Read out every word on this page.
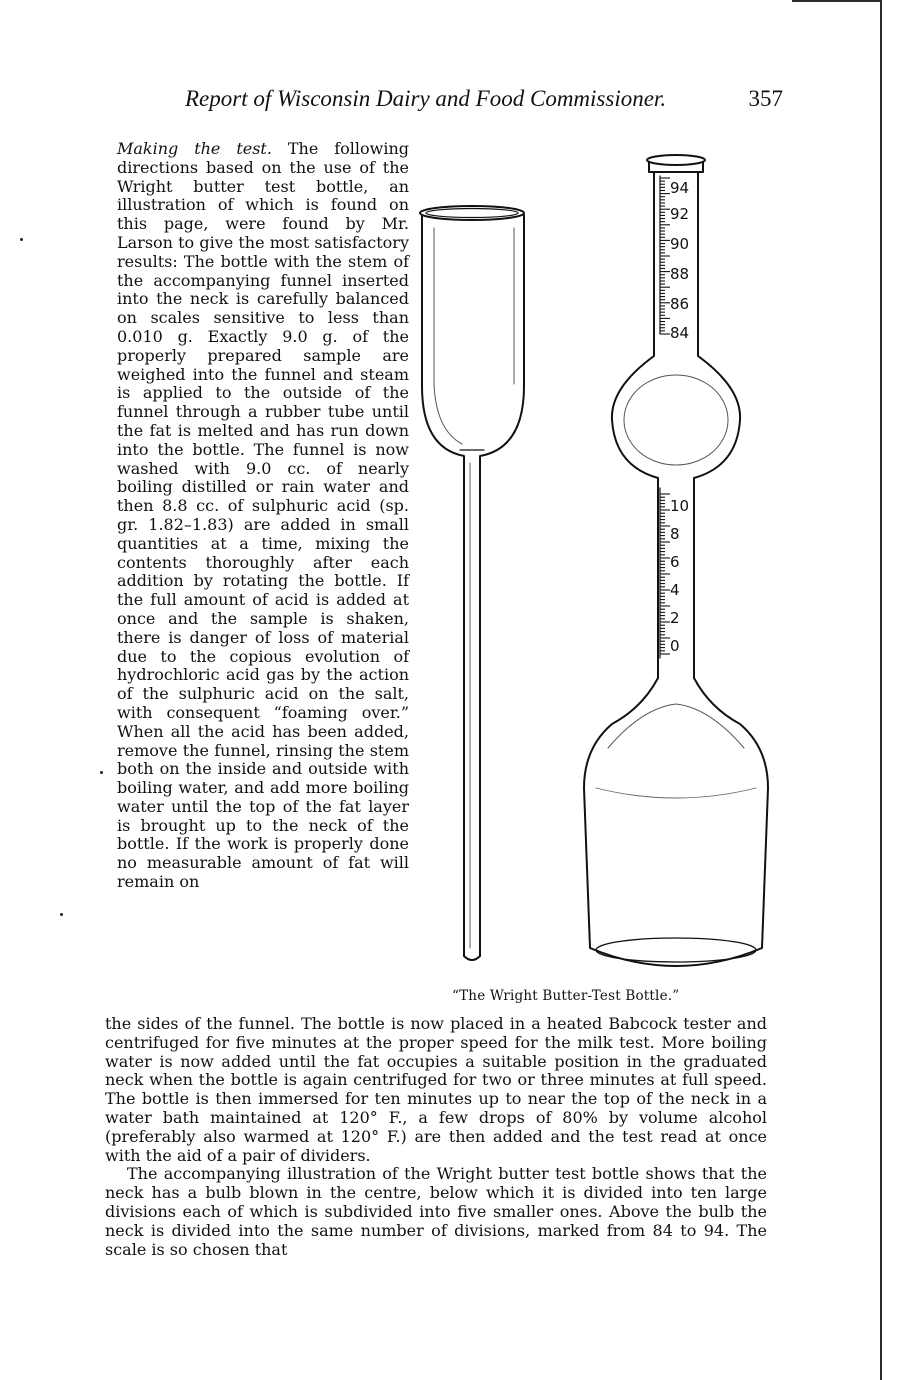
Report of Wisconsin Dairy and Food Commissioner.	357
Making the test. The following directions based on the use of the Wright butter test bottle, an illustration of which is found on this page, were found by Mr. Larson to give the most satisfactory results: The bottle with the stem of the accompanying funnel inserted into the neck is carefully balanced on scales sensitive to less than 0.010 g. Exactly 9.0 g. of the properly prepared sample are weighed into the funnel and steam is applied to the outside of the funnel through a rubber tube until the fat is melted and has run down into the bottle. The funnel is now washed with 9.0 cc. of nearly boiling distilled or rain water and then 8.8 cc. of sulphuric acid (sp. gr. 1.82–1.83) are added in small quantities at a time, mixing the contents thoroughly after each addition by rotating the bottle. If the full amount of acid is added at once and the sample is shaken, there is danger of loss of material due to the copious evolution of hydrochloric acid gas by the action of the sulphuric acid on the salt, with consequent “foaming over.” When all the acid has been added, remove the funnel, rinsing the stem both on the inside and outside with boiling water, and add more boiling water until the top of the fat layer is brought up to the neck of the bottle. If the work is properly done no measurable amount of fat will remain on
94
92
90
88
86
84
10
8
6
4
2
0
“The Wright Butter-Test Bottle.”

the sides of the funnel. The bottle is now placed in a heated Babcock tester and centrifuged for five minutes at the proper speed for the milk test. More boiling water is now added until the fat occupies a suitable position in the graduated neck when the bottle is again centrifuged for two or three minutes at full speed. The bottle is then immersed for ten minutes up to near the top of the neck in a water bath maintained at 120° F., a few drops of 80% by volume alcohol (preferably also warmed at 120° F.) are then added and the test read at once with the aid of a pair of dividers.

The accompanying illustration of the Wright butter test bottle shows that the neck has a bulb blown in the centre, below which it is divided into ten large divisions each of which is subdivided into five smaller ones. Above the bulb the neck is divided into the same number of divisions, marked from 84 to 94. The scale is so chosen that
